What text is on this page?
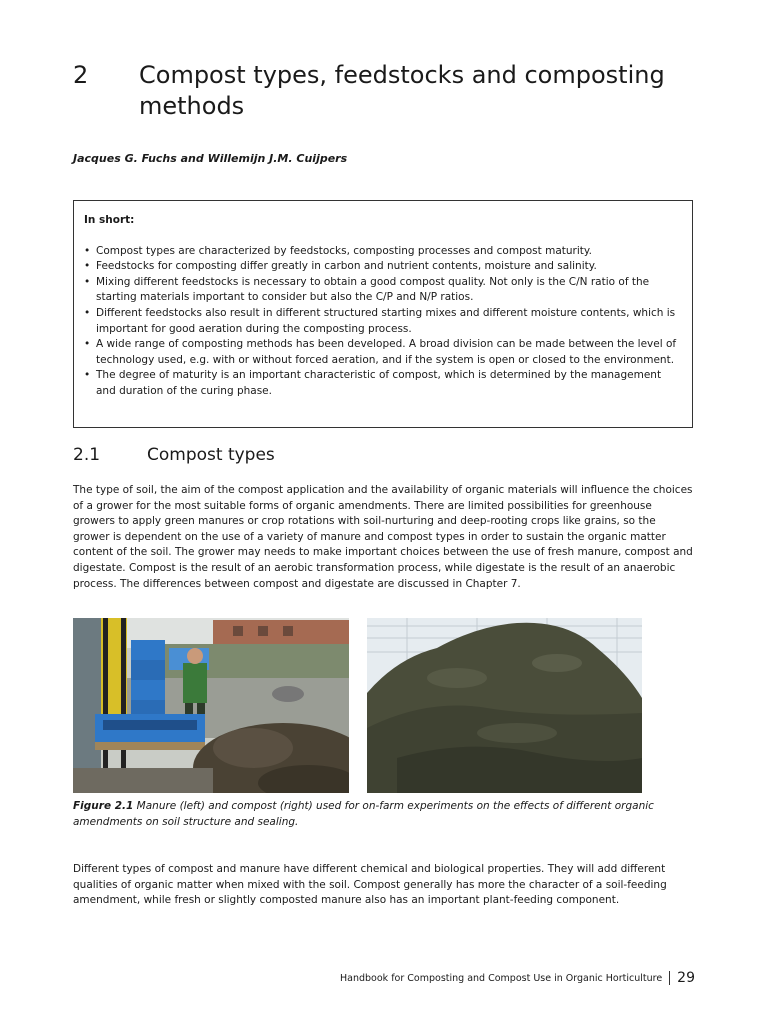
2 Compost types, feedstocks and composting methods
Jacques G. Fuchs and Willemijn J.M. Cuijpers
In short:
• Compost types are characterized by feedstocks, composting processes and compost maturity.
• Feedstocks for composting differ greatly in carbon and nutrient contents, moisture and salinity.
• Mixing different feedstocks is necessary to obtain a good compost quality. Not only is the C/N ratio of the starting materials important to consider but also the C/P and N/P ratios.
• Different feedstocks also result in different structured starting mixes and different moisture contents, which is important for good aeration during the composting process.
• A wide range of composting methods has been developed. A broad division can be made between the level of technology used, e.g. with or without forced aeration, and if the system is open or closed to the environment.
• The degree of maturity is an important characteristic of compost, which is determined by the management and duration of the curing phase.
2.1	Compost types

The type of soil, the aim of the compost application and the availability of organic materials will influence the choices of a grower for the most suitable forms of organic amendments. There are limited possibilities for greenhouse growers to apply green manures or crop rotations with soil-nurturing and deep-rooting crops like grains, so the grower is dependent on the use of a variety of manure and compost types in order to sustain the organic matter content of the soil. The grower may needs to make important choices between the use of fresh manure, compost and digestate. Compost is the result of an aerobic transformation process, while digestate is the result of an anaerobic process. The differences between compost and digestate are discussed in Chapter 7.

Figure 2.1 Manure (left) and compost (right) used for on-farm experiments on the effects of different organic amendments on soil structure and sealing.

Different types of compost and manure have different chemical and biological properties. They will add different qualities of organic matter when mixed with the soil. Compost generally has more the character of a soil-feeding amendment, while fresh or slightly composted manure also has an important plant-feeding component.

Handbook for Composting and Compost Use in Organic Horticulture 29
